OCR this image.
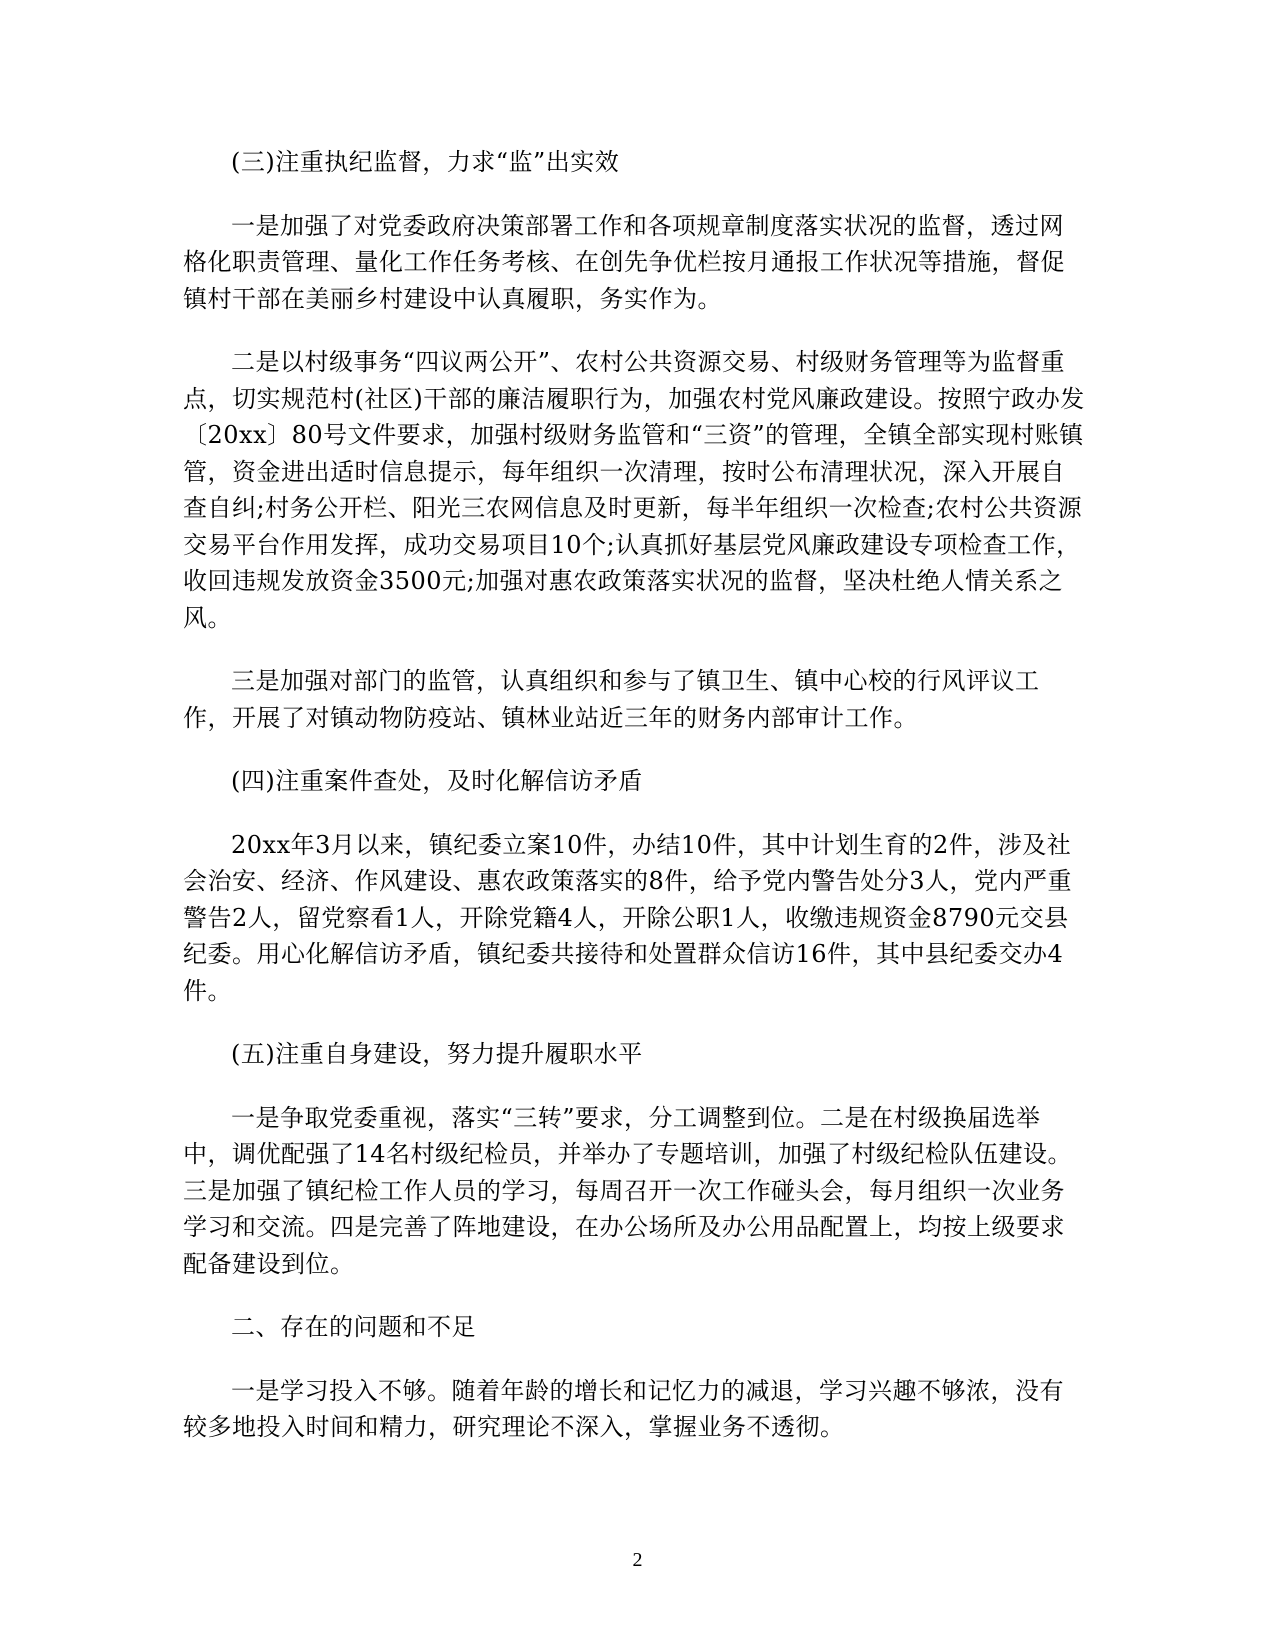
(三)注重执纪监督，力求“监”出实效

一是加强了对党委政府决策部署工作和各项规章制度落实状况的监督，透过网格化职责管理、量化工作任务考核、在创先争优栏按月通报工作状况等措施，督促镇村干部在美丽乡村建设中认真履职，务实作为。

二是以村级事务“四议两公开”、农村公共资源交易、村级财务管理等为监督重点，切实规范村(社区)干部的廉洁履职行为，加强农村党风廉政建设。按照宁政办发〔20xx〕80号文件要求，加强村级财务监管和“三资”的管理，全镇全部实现村账镇管，资金进出适时信息提示，每年组织一次清理，按时公布清理状况，深入开展自查自纠;村务公开栏、阳光三农网信息及时更新，每半年组织一次检查;农村公共资源交易平台作用发挥，成功交易项目10个;认真抓好基层党风廉政建设专项检查工作，收回违规发放资金3500元;加强对惠农政策落实状况的监督，坚决杜绝人情关系之风。

三是加强对部门的监管，认真组织和参与了镇卫生、镇中心校的行风评议工作，开展了对镇动物防疫站、镇林业站近三年的财务内部审计工作。

(四)注重案件查处，及时化解信访矛盾

20xx年3月以来，镇纪委立案10件，办结10件，其中计划生育的2件，涉及社会治安、经济、作风建设、惠农政策落实的8件，给予党内警告处分3人，党内严重警告2人，留党察看1人，开除党籍4人，开除公职1人，收缴违规资金8790元交县纪委。用心化解信访矛盾，镇纪委共接待和处置群众信访16件，其中县纪委交办4件。

(五)注重自身建设，努力提升履职水平

一是争取党委重视，落实“三转”要求，分工调整到位。二是在村级换届选举中，调优配强了14名村级纪检员，并举办了专题培训，加强了村级纪检队伍建设。三是加强了镇纪检工作人员的学习，每周召开一次工作碰头会，每月组织一次业务学习和交流。四是完善了阵地建设，在办公场所及办公用品配置上，均按上级要求配备建设到位。

二、存在的问题和不足

一是学习投入不够。随着年龄的增长和记忆力的减退，学习兴趣不够浓，没有较多地投入时间和精力，研究理论不深入，掌握业务不透彻。

2
